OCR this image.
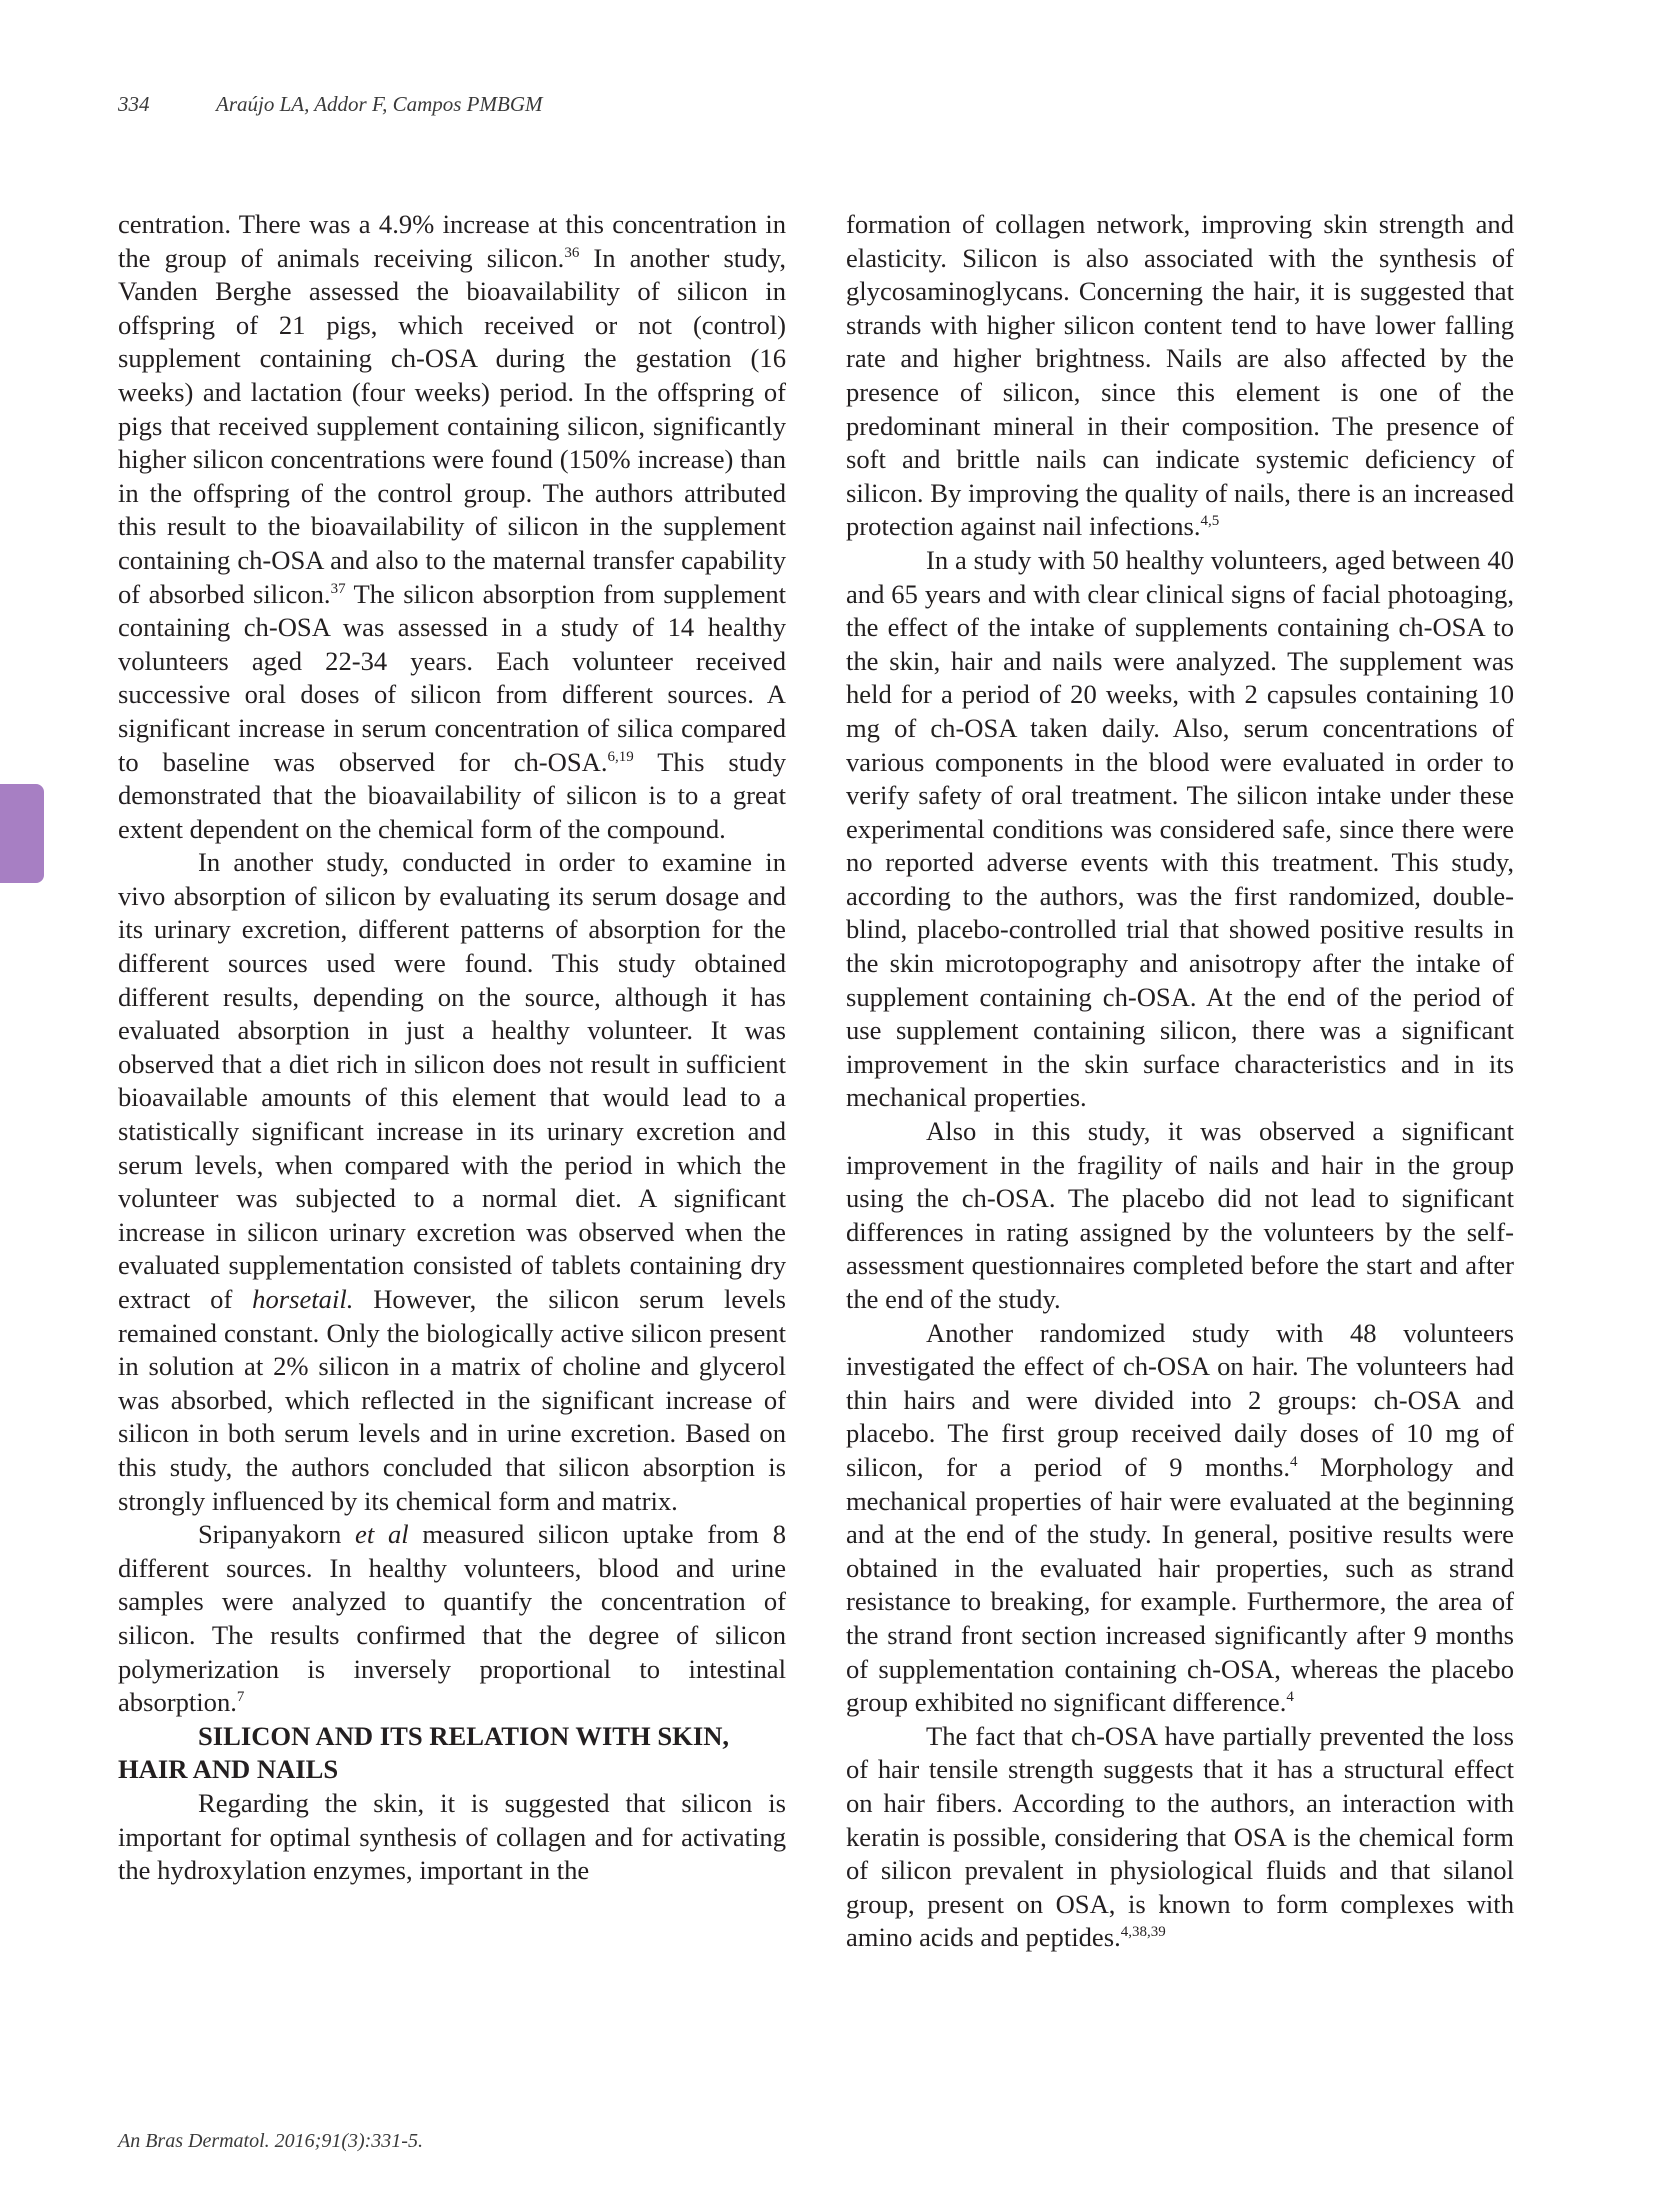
334	Araújo LA, Addor F, Campos PMBGM

centration. There was a 4.9% increase at this concentration in the group of animals receiving silicon.$^{36}$ In another study, Vanden Berghe assessed the bioavailability of silicon in offspring of 21 pigs, which received or not (control) supplement containing ch-OSA during the gestation (16 weeks) and lactation (four weeks) period. In the offspring of pigs that received supplement containing silicon, significantly higher silicon concentrations were found (150% increase) than in the offspring of the control group. The authors attributed this result to the bioavailability of silicon in the supplement containing ch-OSA and also to the maternal transfer capability of absorbed silicon.$^{37}$ The silicon absorption from supplement containing ch-OSA was assessed in a study of 14 healthy volunteers aged 22-34 years. Each volunteer received successive oral doses of silicon from different sources. A significant increase in serum concentration of silica compared to baseline was observed for ch-OSA.$^{6,19}$ This study demonstrated that the bioavailability of silicon is to a great extent dependent on the chemical form of the compound.

In another study, conducted in order to examine in vivo absorption of silicon by evaluating its serum dosage and its urinary excretion, different patterns of absorption for the different sources used were found. This study obtained different results, depending on the source, although it has evaluated absorption in just a healthy volunteer. It was observed that a diet rich in silicon does not result in sufficient bioavailable amounts of this element that would lead to a statistically significant increase in its urinary excretion and serum levels, when compared with the period in which the volunteer was subjected to a normal diet. A significant increase in silicon urinary excretion was observed when the evaluated supplementation consisted of tablets containing dry extract of horsetail. However, the silicon serum levels remained constant. Only the biologically active silicon present in solution at 2% silicon in a matrix of choline and glycerol was absorbed, which reflected in the significant increase of silicon in both serum levels and in urine excretion. Based on this study, the authors concluded that silicon absorption is strongly influenced by its chemical form and matrix.

Sripanyakorn et al measured silicon uptake from 8 different sources. In healthy volunteers, blood and urine samples were analyzed to quantify the concentration of silicon. The results confirmed that the degree of silicon polymerization is inversely proportional to intestinal absorption.$^7$

SILICON AND ITS RELATION WITH SKIN, HAIR AND NAILS

Regarding the skin, it is suggested that silicon is important for optimal synthesis of collagen and for activating the hydroxylation enzymes, important in the

formation of collagen network, improving skin strength and elasticity. Silicon is also associated with the synthesis of glycosaminoglycans. Concerning the hair, it is suggested that strands with higher silicon content tend to have lower falling rate and higher brightness. Nails are also affected by the presence of silicon, since this element is one of the predominant mineral in their composition. The presence of soft and brittle nails can indicate systemic deficiency of silicon. By improving the quality of nails, there is an increased protection against nail infections.$^{4,5}$

In a study with 50 healthy volunteers, aged between 40 and 65 years and with clear clinical signs of facial photoaging, the effect of the intake of supplements containing ch-OSA to the skin, hair and nails were analyzed. The supplement was held for a period of 20 weeks, with 2 capsules containing 10 mg of ch-OSA taken daily. Also, serum concentrations of various components in the blood were evaluated in order to verify safety of oral treatment. The silicon intake under these experimental conditions was considered safe, since there were no reported adverse events with this treatment. This study, according to the authors, was the first randomized, double-blind, placebo-controlled trial that showed positive results in the skin microtopography and anisotropy after the intake of supplement containing ch-OSA. At the end of the period of use supplement containing silicon, there was a significant improvement in the skin surface characteristics and in its mechanical properties.

Also in this study, it was observed a significant improvement in the fragility of nails and hair in the group using the ch-OSA. The placebo did not lead to significant differences in rating assigned by the volunteers by the self-assessment questionnaires completed before the start and after the end of the study.

Another randomized study with 48 volunteers investigated the effect of ch-OSA on hair. The volunteers had thin hairs and were divided into 2 groups: ch-OSA and placebo. The first group received daily doses of 10 mg of silicon, for a period of 9 months.$^4$ Morphology and mechanical properties of hair were evaluated at the beginning and at the end of the study. In general, positive results were obtained in the evaluated hair properties, such as strand resistance to breaking, for example. Furthermore, the area of the strand front section increased significantly after 9 months of supplementation containing ch-OSA, whereas the placebo group exhibited no significant difference.$^4$

The fact that ch-OSA have partially prevented the loss of hair tensile strength suggests that it has a structural effect on hair fibers. According to the authors, an interaction with keratin is possible, considering that OSA is the chemical form of silicon prevalent in physiological fluids and that silanol group, present on OSA, is known to form complexes with amino acids and peptides.$^{4,38,39}$

An Bras Dermatol. 2016;91(3):331-5.
